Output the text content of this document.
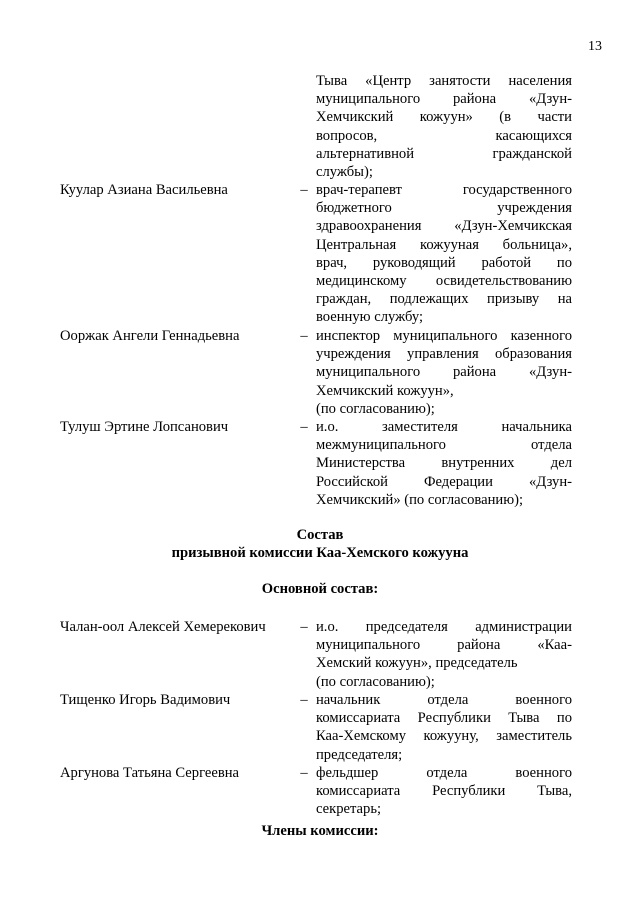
13
Тыва «Центр занятости населения
муниципального района «Дзун-
Хемчикский кожуун» (в части
вопросов, касающихся
альтернативной гражданской
службы);
Куулар Азиана Васильевна	– врач-терапевт государственного
бюджетного учреждения
здравоохранения «Дзун-Хемчикская
Центральная кожууная больница»,
врач, руководящий работой по
медицинскому освидетельствованию
граждан, подлежащих призыву на
военную службу;
Ооржак Ангели Геннадьевна	– инспектор муниципального казенного
учреждения управления образования
муниципального района «Дзун-
Хемчикский кожуун»,
(по согласованию);
Тулуш Эртине Лопсанович	– и.о. заместителя начальника
межмуниципального отдела
Министерства внутренних дел
Российской Федерации «Дзун-
Хемчикский» (по согласованию);
Состав
призывной комиссии Каа-Хемского кожууна
Основной состав:
Чалан-оол Алексей Хемерекович	– и.о. председателя администрации
муниципального района «Каа-
Хемский кожуун», председатель
(по согласованию);
Тищенко Игорь Вадимович	– начальник отдела военного
комиссариата Республики Тыва по
Каа-Хемскому кожууну, заместитель
председателя;
Аргунова Татьяна Сергеевна	– фельдшер отдела военного
комиссариата Республики Тыва,
секретарь;
Члены комиссии:
